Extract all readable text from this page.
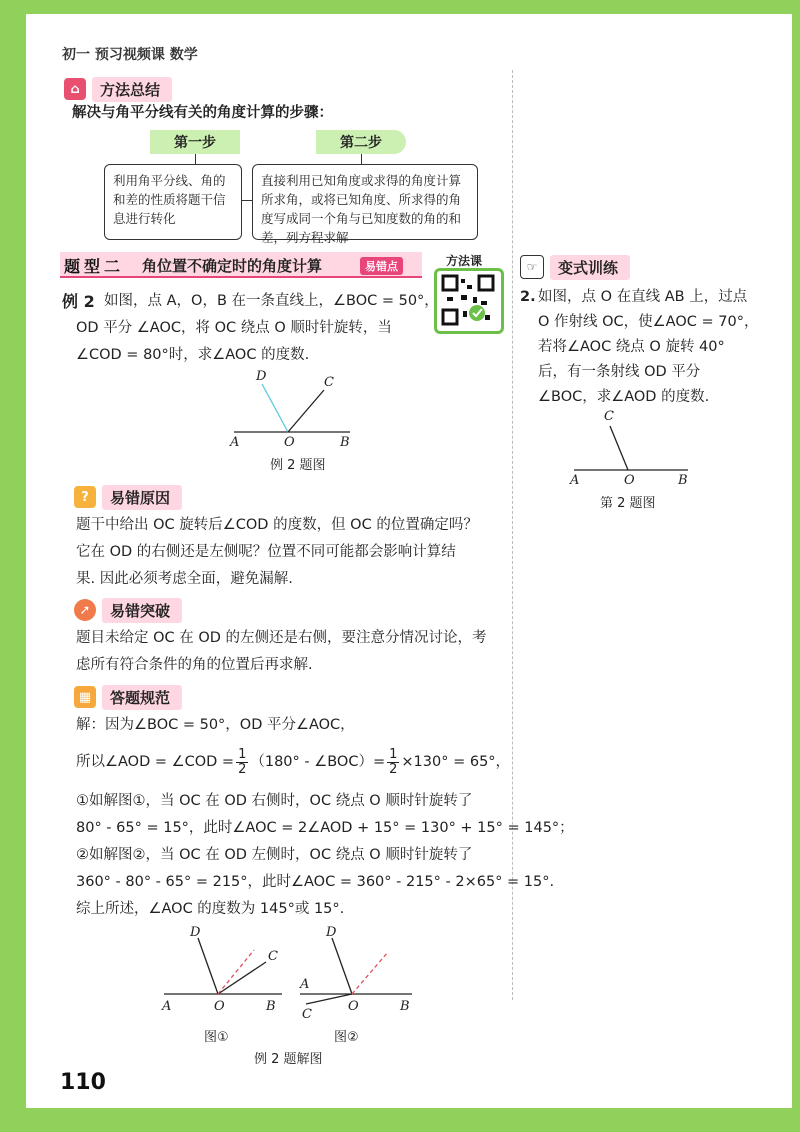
初一 预习视频课 数学
⌂	方法总结
解决与角平分线有关的角度计算的步骤：
第一步	第二步
利用角平分线、角的和差的性质将题干信息进行转化
直接利用已知角度或求得的角度计算所求角，或将已知角度、所求得的角度写成同一个角与已知度数的角的和差，列方程求解
题型二 角位置不确定时的角度计算	易错点	方法课
例 2 如图，点 A，O，B 在一条直线上，∠BOC = 50°，
OD 平分 ∠AOC，将 OC 绕点 O 顺时针旋转，当
∠COD = 80°时，求∠AOC 的度数.
A	O	B
C
D
例 2 题图
?	易错原因
题干中给出 OC 旋转后∠COD 的度数，但 OC 的位置确定吗？
它在 OD 的右侧还是左侧呢？位置不同可能都会影响计算结
果. 因此必须考虑全面，避免漏解.
➚	易错突破
题目未给定 OC 在 OD 的左侧还是右侧，要注意分情况讨论，考
虑所有符合条件的角的位置后再求解.
▦	答题规范
解：因为∠BOC = 50°，OD 平分∠AOC，
所以∠AOD = ∠COD = $\frac{1}{2} (180^\circ$ - ∠BOC）= $\frac{1}{2} \times 130^\circ = 65^\circ$，
①如解图①，当 OC 在 OD 右侧时，OC 绕点 O 顺时针旋转了
80° - 65° = 15°，此时∠AOC = 2∠AOD + 15° = 130° + 15° = 145°；
②如解图②，当 OC 在 OD 左侧时，OC 绕点 O 顺时针旋转了
360° - 80° - 65° = 215°，此时∠AOC = 360° - 215° - 2×65° = 15°.
综上所述，∠AOC 的度数为 145°或 15°.
A	O	B
C
D
图①
A
O	B
C
D
图②
例 2 题解图
☞	变式训练
2. 如图，点 O 在直线 AB 上，过点
O 作射线 OC，使∠AOC = 70°，
若将∠AOC 绕点 O 旋转 40°
后，有一条射线 OD 平分
∠BOC，求∠AOD 的度数.
A	O	B
C
第 2 题图
110
